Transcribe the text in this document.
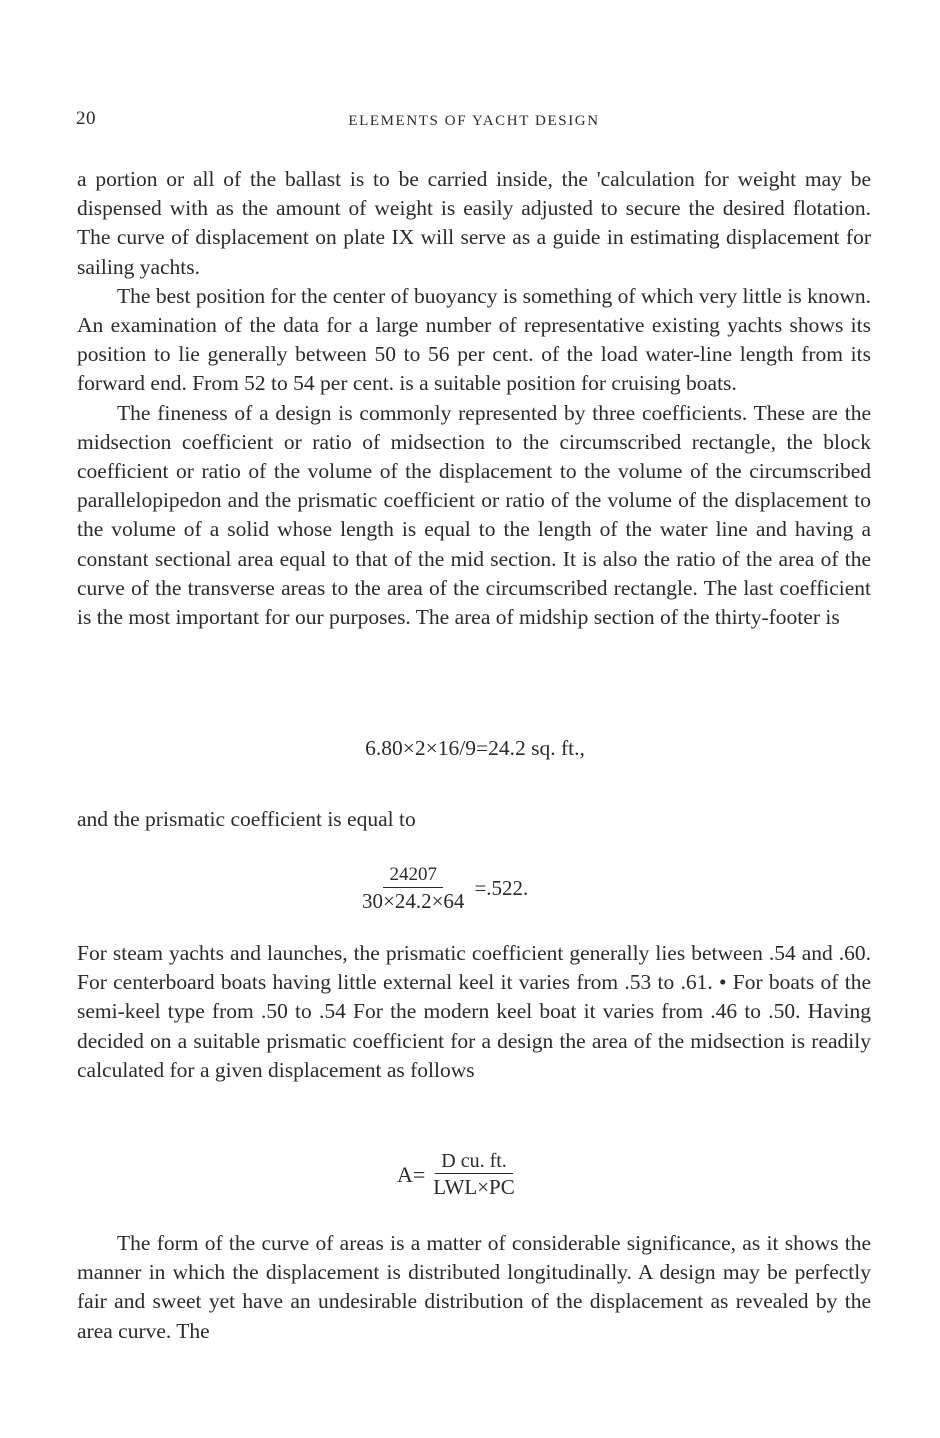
20	ELEMENTS OF YACHT DESIGN

a portion or all of the ballast is to be carried inside, the 'calculation for weight may be dispensed with as the amount of weight is easily adjusted to secure the desired flotation. The curve of displacement on plate IX will serve as a guide in estimating displacement for sailing yachts.

The best position for the center of buoyancy is something of which very little is known. An examination of the data for a large number of representative existing yachts shows its position to lie generally between 50 to 56 per cent. of the load water-line length from its forward end. From 52 to 54 per cent. is a suitable position for cruising boats.

The fineness of a design is commonly represented by three coefficients. These are the midsection coefficient or ratio of midsection to the circumscribed rectangle, the block coefficient or ratio of the volume of the displacement to the volume of the circumscribed parallelopipedon and the prismatic coefficient or ratio of the volume of the displacement to the volume of a solid whose length is equal to the length of the water line and having a constant sectional area equal to that of the mid section. It is also the ratio of the area of the curve of the transverse areas to the area of the circumscribed rectangle. The last coefficient is the most important for our purposes. The area of midship section of the thirty-footer is

6.80×2×16/9=24.2 sq. ft.,

and the prismatic coefficient is equal to

$\frac{24207}{30\times 24.2\times 64} =.522$.

For steam yachts and launches, the prismatic coefficient generally lies between .54 and .60. For centerboard boats having little external keel it varies from .53 to .61. • For boats of the semi-keel type from .50 to .54 For the modern keel boat it varies from .46 to .50. Having decided on a suitable prismatic coefficient for a design the area of the midsection is readily calculated for a given displacement as follows

$A= \frac{\text{D cu. ft.}}{\text{LWL×PC}}$

The form of the curve of areas is a matter of considerable significance, as it shows the manner in which the displacement is distributed longitudinally. A design may be perfectly fair and sweet yet have an undesirable distribution of the displacement as revealed by the area curve. The
